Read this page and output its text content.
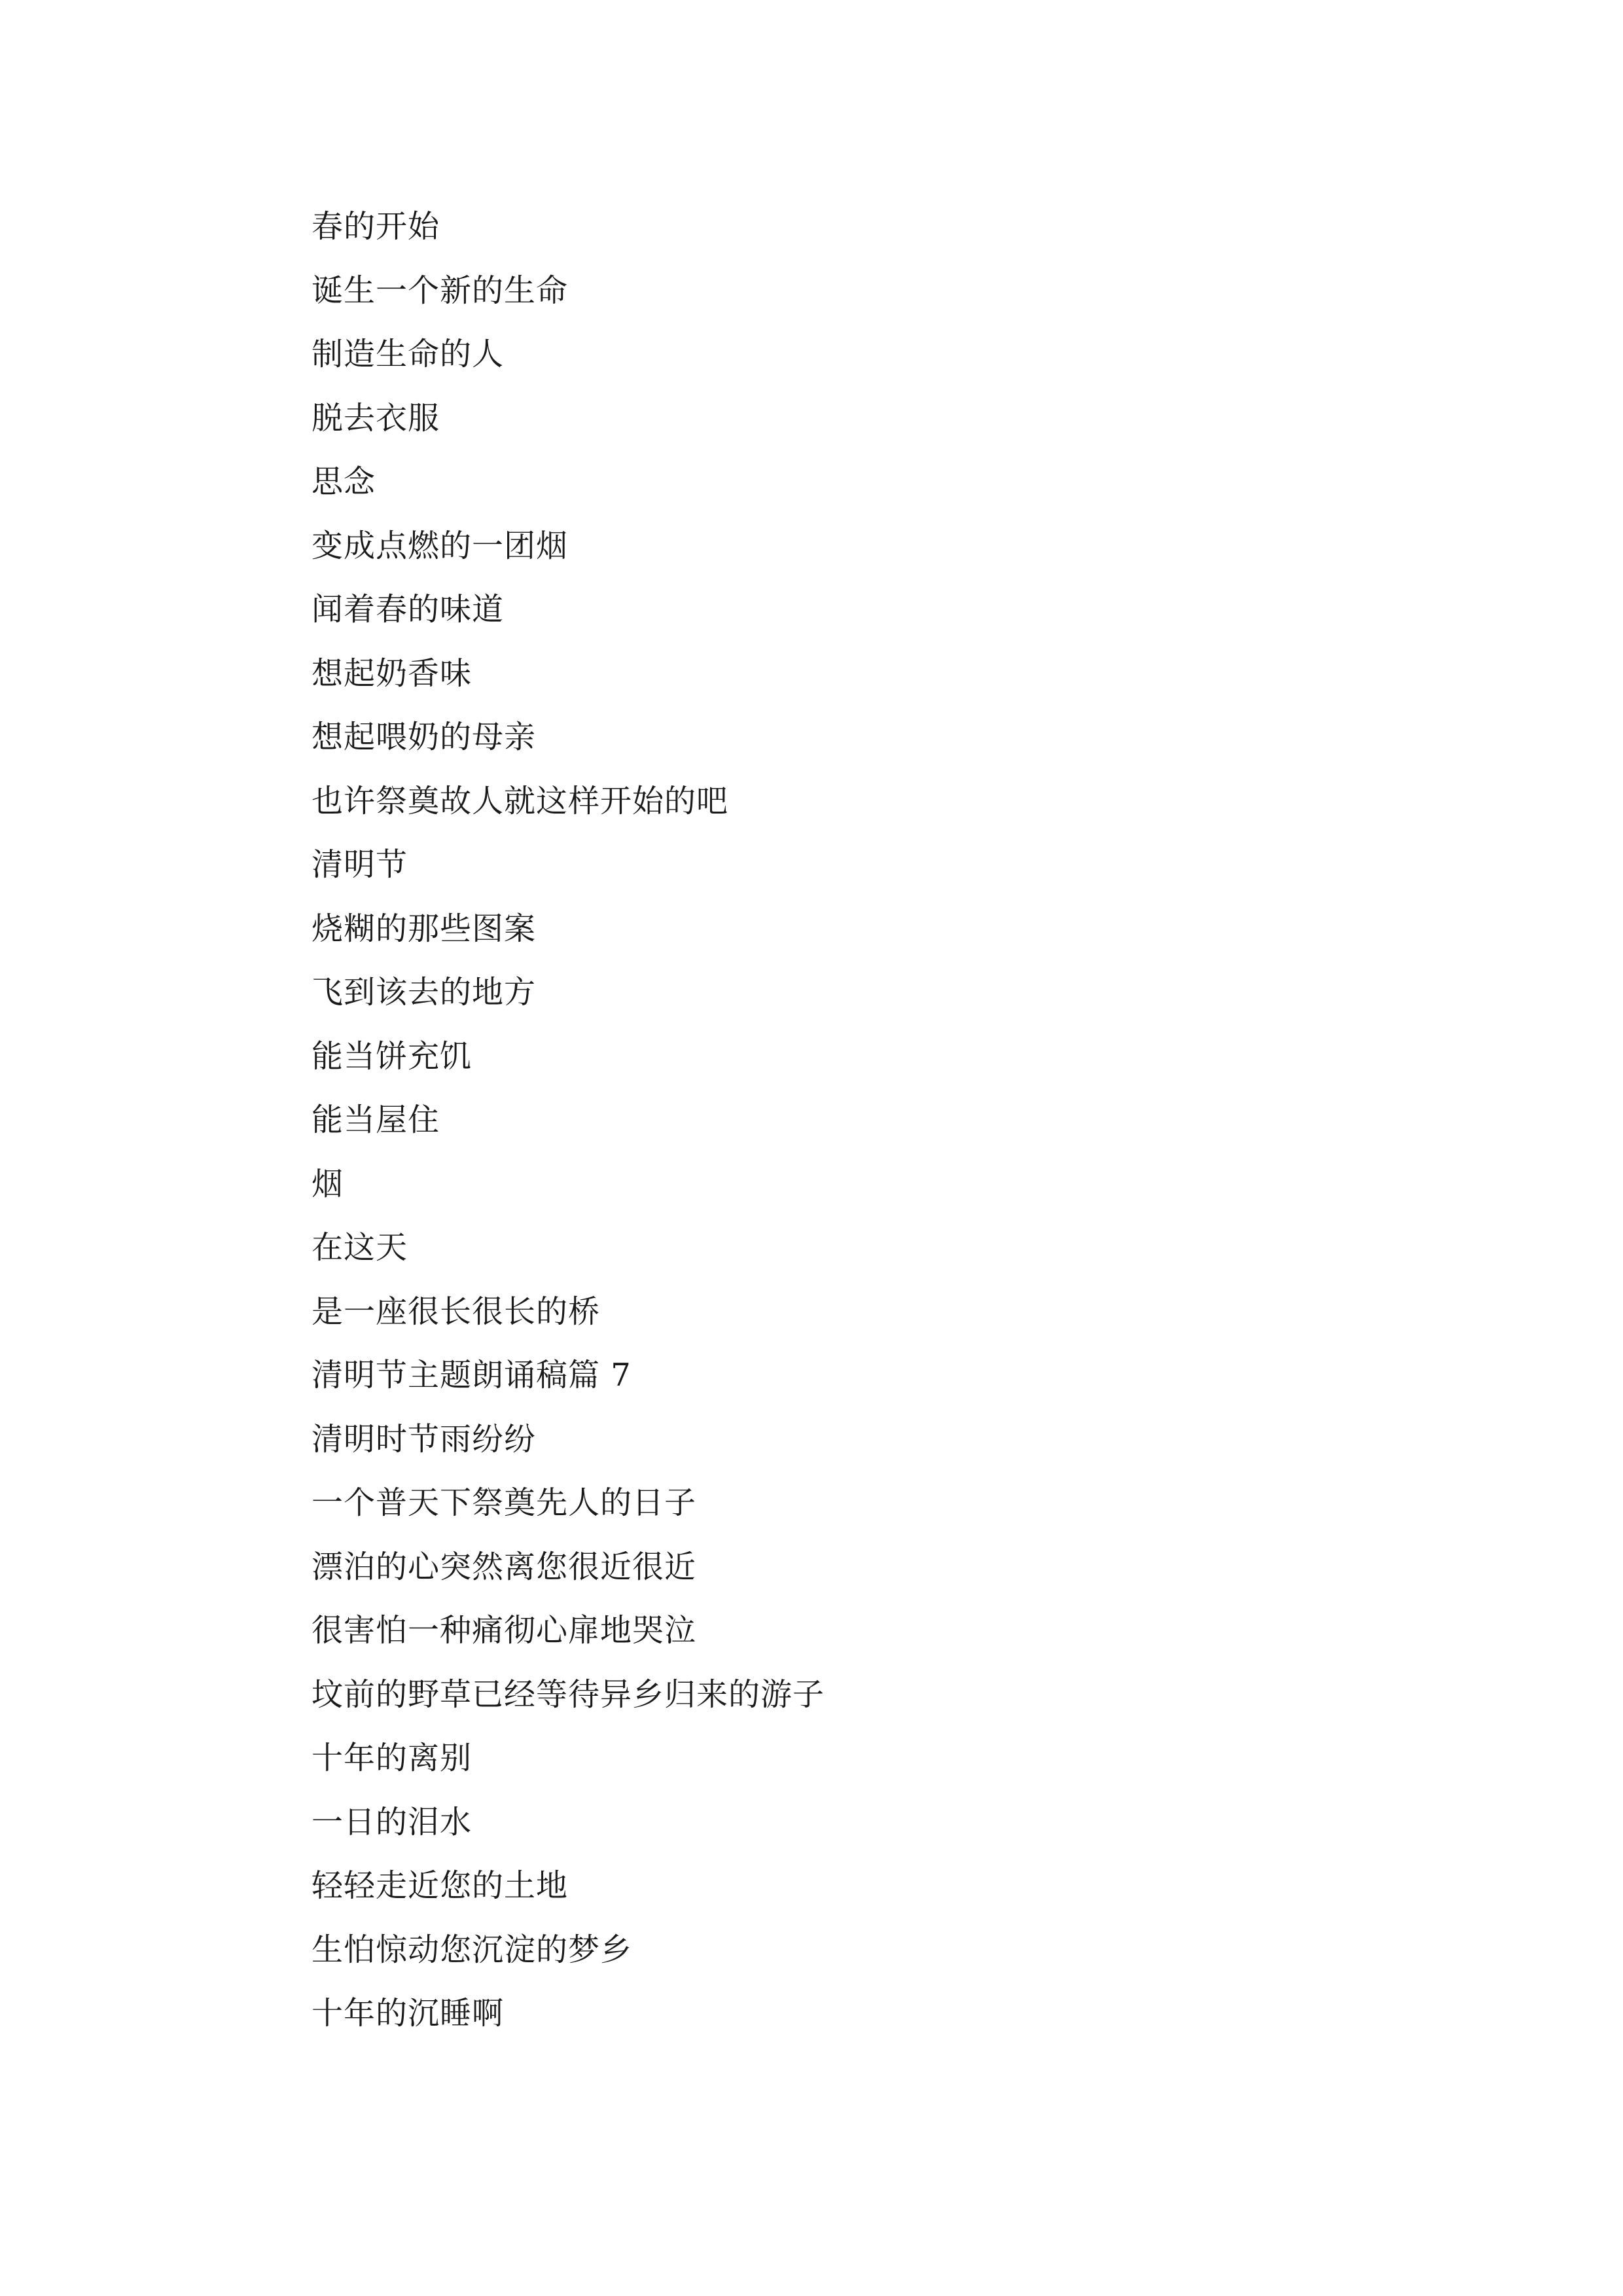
春的开始
诞生一个新的生命
制造生命的人
脱去衣服
思念
变成点燃的一团烟
闻着春的味道
想起奶香味
想起喂奶的母亲
也许祭奠故人就这样开始的吧
清明节
烧糊的那些图案
飞到该去的地方
能当饼充饥
能当屋住
烟
在这天
是一座很长很长的桥
清明节主题朗诵稿篇 7
清明时节雨纷纷
一个普天下祭奠先人的日子
漂泊的心突然离您很近很近
很害怕一种痛彻心扉地哭泣
坟前的野草已经等待异乡归来的游子
十年的离别
一日的泪水
轻轻走近您的土地
生怕惊动您沉淀的梦乡
十年的沉睡啊
